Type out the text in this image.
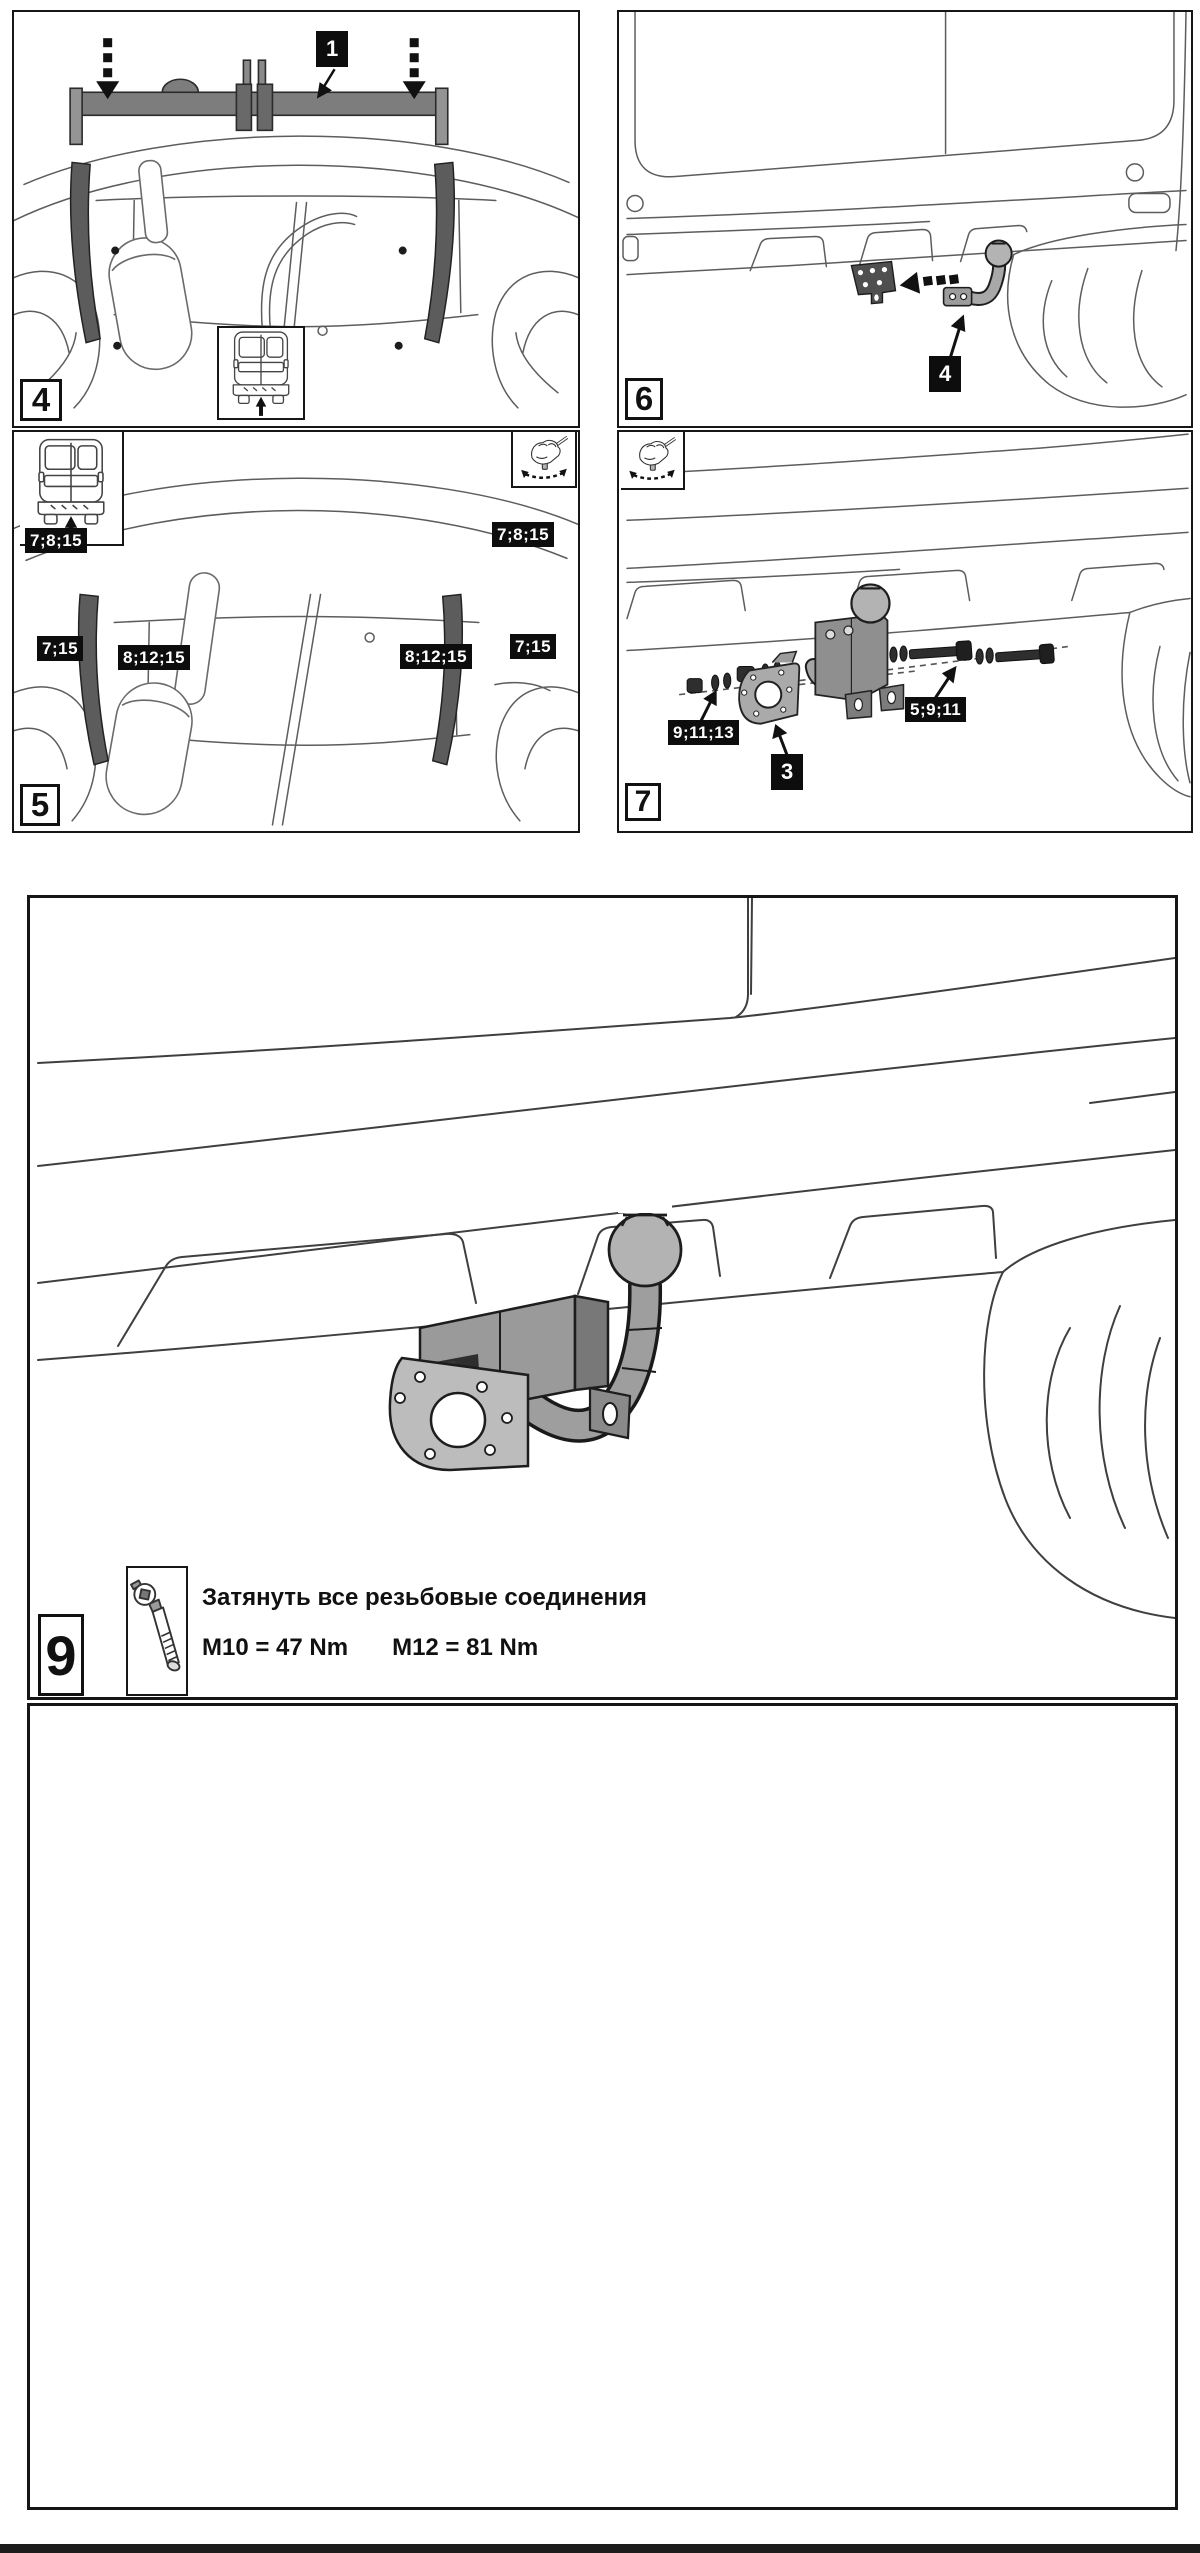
1
4
7;8;15
7;15	8;12;15
7;8;15
7;15
8;12;15
5
4
6
9;11;13
3
5;9;11
7
9
Затянуть все резьбовые соединения
M10 = 47 Nm M12 = 81 Nm
